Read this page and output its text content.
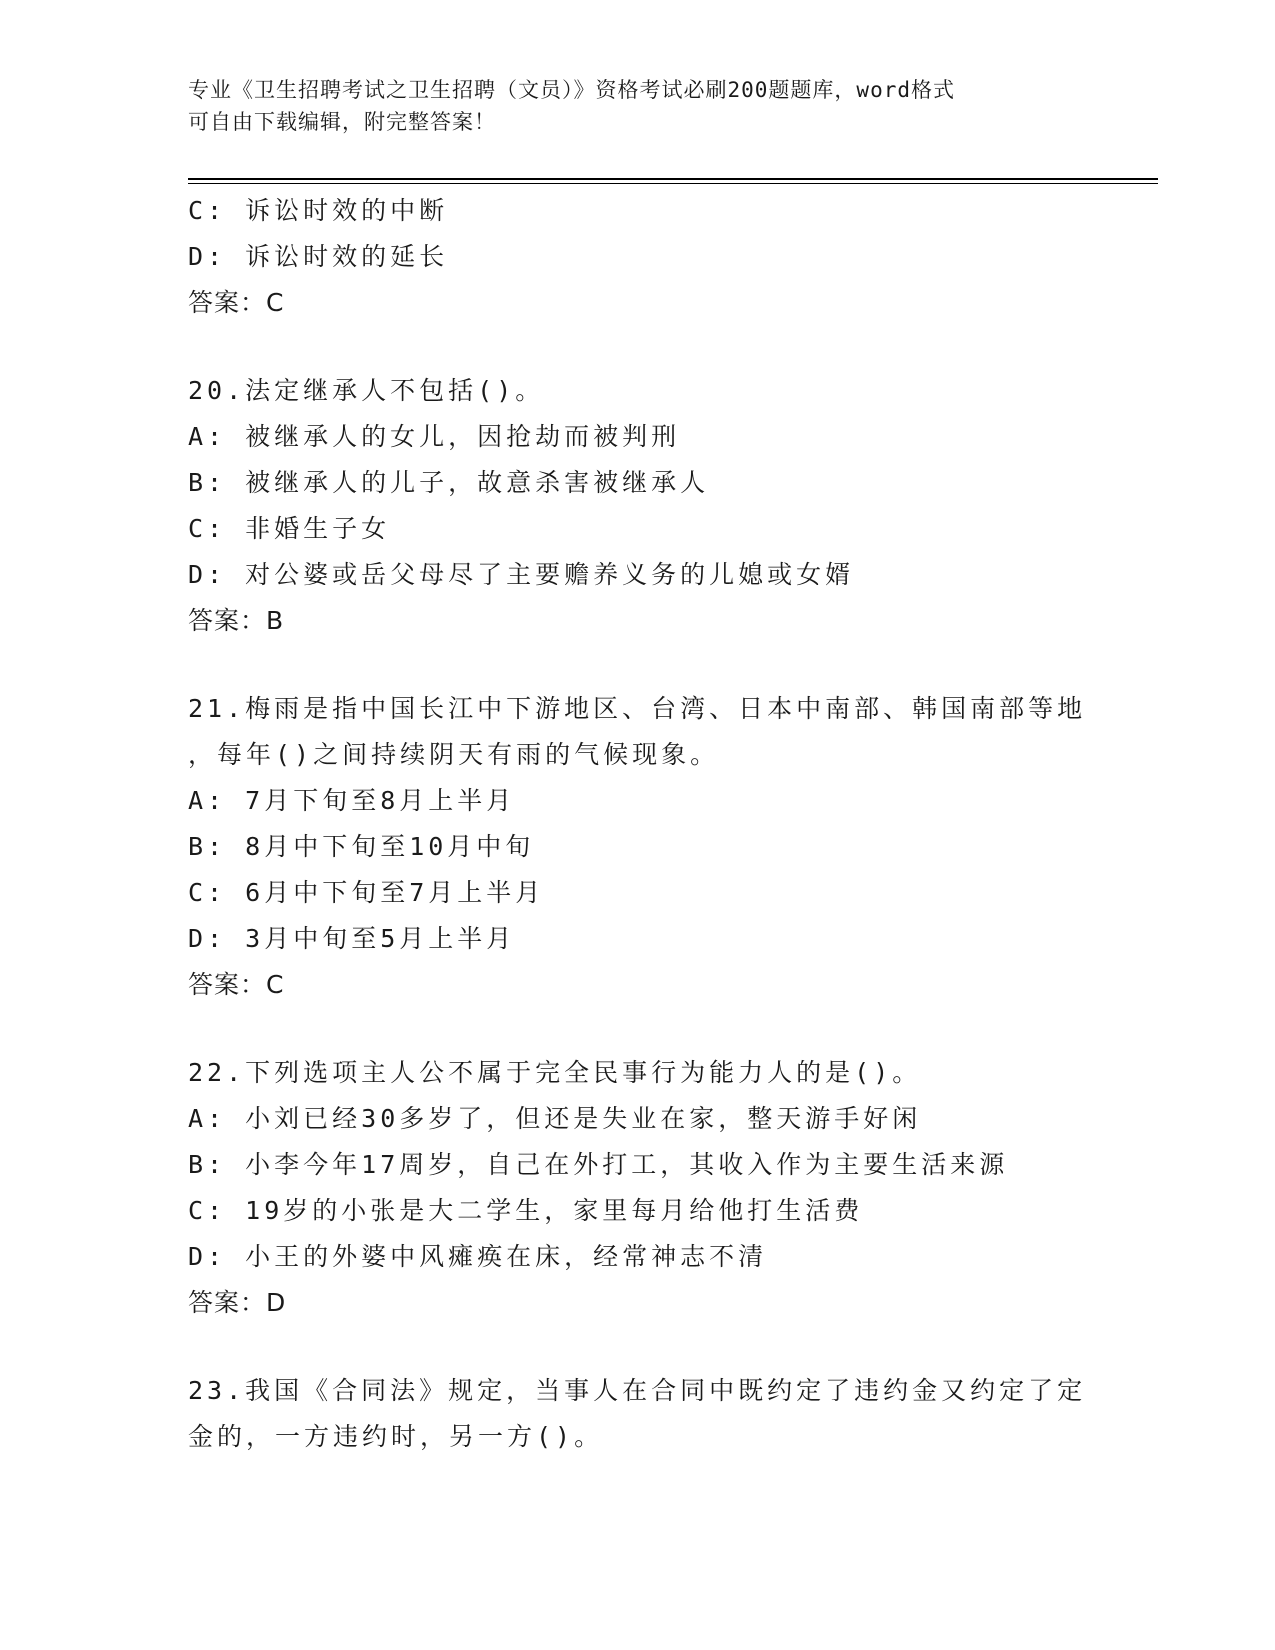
专业《卫生招聘考试之卫生招聘（文员）》资格考试必刷200题题库，word格式
可自由下载编辑，附完整答案！
C: 诉讼时效的中断
D: 诉讼时效的延长
答案：C
20.法定继承人不包括()。
A: 被继承人的女儿，因抢劫而被判刑
B: 被继承人的儿子，故意杀害被继承人
C: 非婚生子女
D: 对公婆或岳父母尽了主要赡养义务的儿媳或女婿
答案：B
21.梅雨是指中国长江中下游地区、台湾、日本中南部、韩国南部等地
，每年()之间持续阴天有雨的气候现象。
A: 7月下旬至8月上半月
B: 8月中下旬至10月中旬
C: 6月中下旬至7月上半月
D: 3月中旬至5月上半月
答案：C
22.下列选项主人公不属于完全民事行为能力人的是()。
A: 小刘已经30多岁了，但还是失业在家，整天游手好闲
B: 小李今年17周岁，自己在外打工，其收入作为主要生活来源
C: 19岁的小张是大二学生，家里每月给他打生活费
D: 小王的外婆中风瘫痪在床，经常神志不清
答案：D
23.我国《合同法》规定，当事人在合同中既约定了违约金又约定了定
金的，一方违约时，另一方()。
